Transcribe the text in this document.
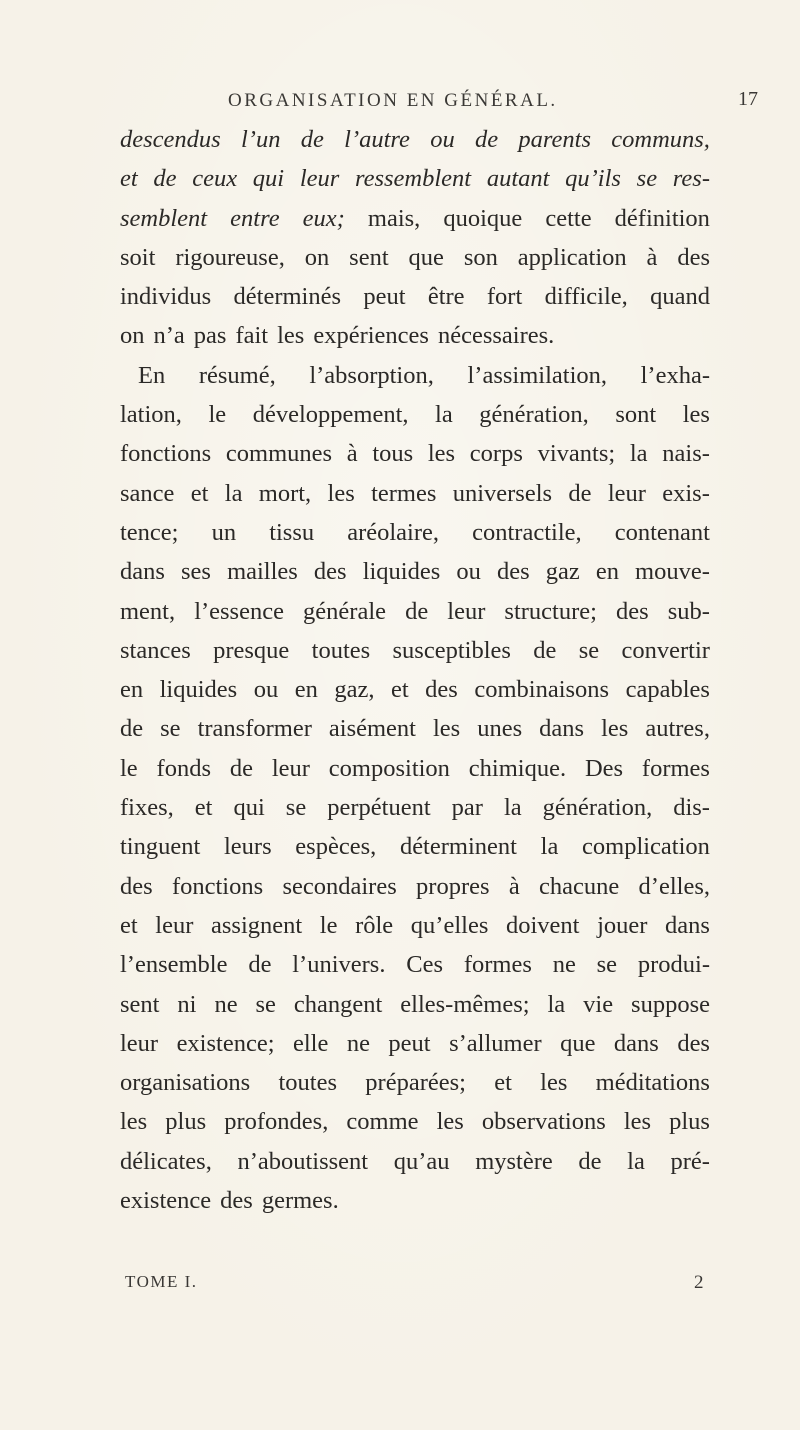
ORGANISATION EN GÉNÉRAL.	17
descendus l’un de l’autre ou de parents communs,
et de ceux qui leur ressemblent autant qu’ils se res-
semblent entre eux; mais, quoique cette définition
soit rigoureuse, on sent que son application à des
individus déterminés peut être fort difficile, quand
on n’a pas fait les expériences nécessaires.
En résumé, l’absorption, l’assimilation, l’exha-
lation, le développement, la génération, sont les
fonctions communes à tous les corps vivants; la nais-
sance et la mort, les termes universels de leur exis-
tence; un tissu aréolaire, contractile, contenant
dans ses mailles des liquides ou des gaz en mouve-
ment, l’essence générale de leur structure; des sub-
stances presque toutes susceptibles de se convertir
en liquides ou en gaz, et des combinaisons capables
de se transformer aisément les unes dans les autres,
le fonds de leur composition chimique. Des formes
fixes, et qui se perpétuent par la génération, dis-
tinguent leurs espèces, déterminent la complication
des fonctions secondaires propres à chacune d’elles,
et leur assignent le rôle qu’elles doivent jouer dans
l’ensemble de l’univers. Ces formes ne se produi-
sent ni ne se changent elles-mêmes; la vie suppose
leur existence; elle ne peut s’allumer que dans des
organisations toutes préparées; et les méditations
les plus profondes, comme les observations les plus
délicates, n’aboutissent qu’au mystère de la pré-
existence des germes.
TOME I.	2
